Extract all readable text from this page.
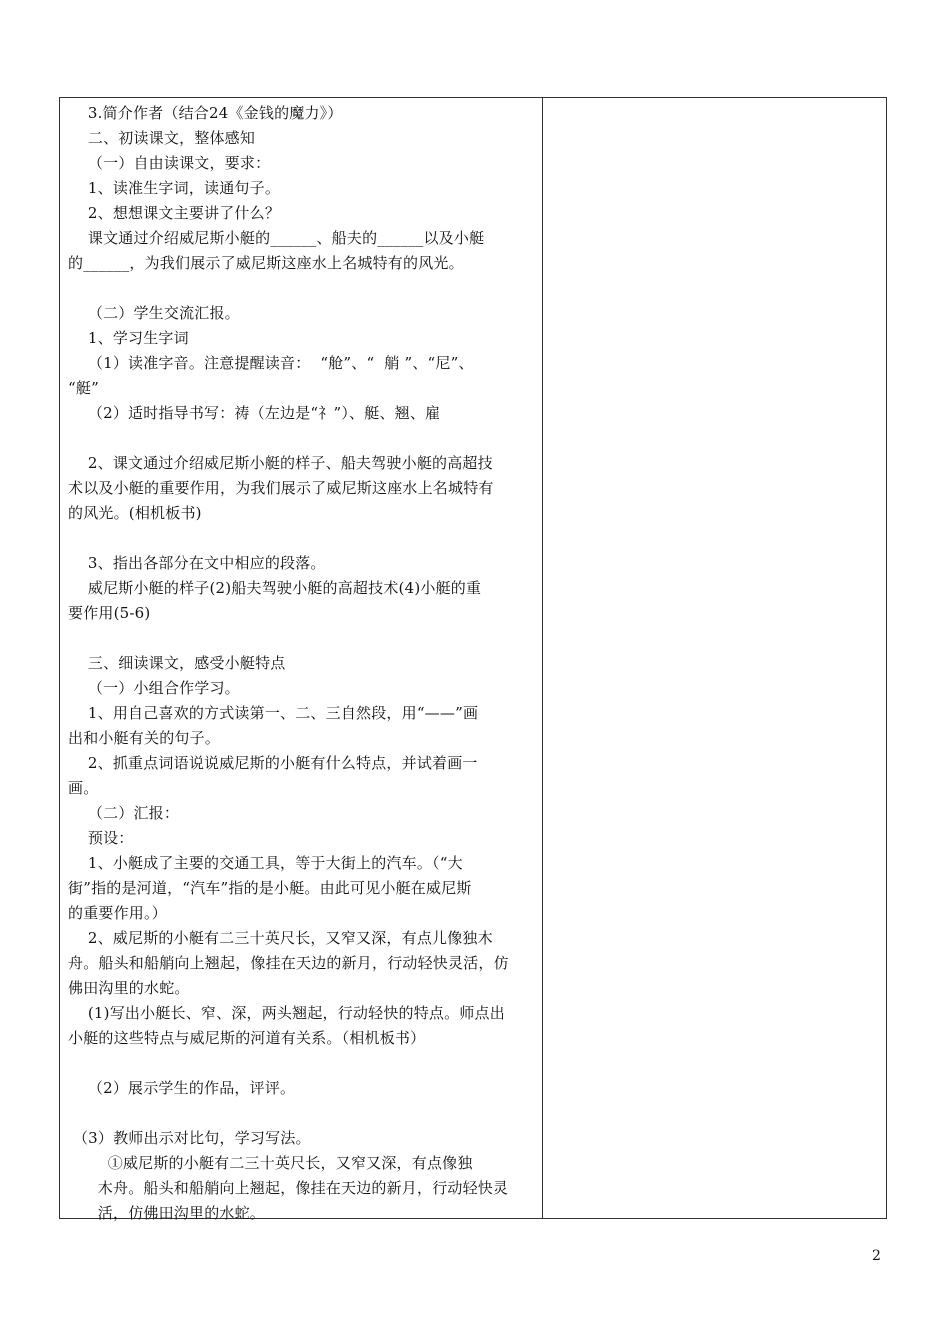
3.简介作者（结合24《金钱的魔力》）
二、初读课文，整体感知
（一）自由读课文，要求：
1、读准生字词，读通句子。
2、想想课文主要讲了什么？
课文通过介绍威尼斯小艇的______、船夫的______以及小艇
的______，为我们展示了威尼斯这座水上名城特有的风光。
（二）学生交流汇报。
1、学习生字词
（1）读准字音。注意提醒读音：  “舱”、“  艄 ”、“尼”、
“艇”
（2）适时指导书写：祷（左边是“礻”）、艇、翘、雇
2、课文通过介绍威尼斯小艇的样子、船夫驾驶小艇的高超技
术以及小艇的重要作用，为我们展示了威尼斯这座水上名城特有
的风光。(相机板书)
3、指出各部分在文中相应的段落。
威尼斯小艇的样子(2)船夫驾驶小艇的高超技术(4)小艇的重
要作用(5-6)
三、细读课文，感受小艇特点
（一）小组合作学习。
1、用自己喜欢的方式读第一、二、三自然段，用“——”画
出和小艇有关的句子。
2、抓重点词语说说威尼斯的小艇有什么特点，并试着画一
画。
（二）汇报：
预设：
1、小艇成了主要的交通工具，等于大街上的汽车。（“大
街”指的是河道，“汽车”指的是小艇。由此可见小艇在威尼斯
的重要作用。）
2、威尼斯的小艇有二三十英尺长，又窄又深，有点儿像独木
舟。船头和船艄向上翘起，像挂在天边的新月，行动轻快灵活，仿
佛田沟里的水蛇。
(1)写出小艇长、窄、深，两头翘起，行动轻快的特点。师点出
小艇的这些特点与威尼斯的河道有关系。（相机板书）
（2）展示学生的作品，评评。
（3）教师出示对比句，学习写法。
①威尼斯的小艇有二三十英尺长，又窄又深，有点像独
木舟。船头和船艄向上翘起，像挂在天边的新月，行动轻快灵
活，仿佛田沟里的水蛇。
2
